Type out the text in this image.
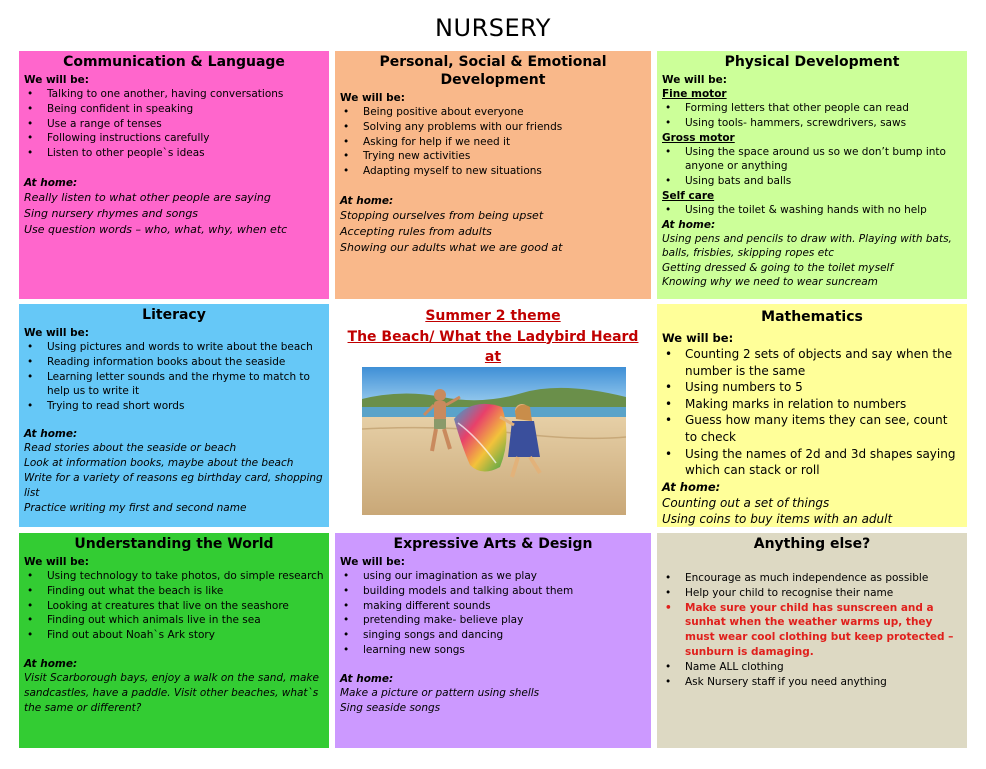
NURSERY
Communication & Language
We will be:
• Talking to one another, having conversations
• Being confident in speaking
• Use a range of tenses
• Following instructions carefully
• Listen to other people`s ideas
At home:

Really listen to what other people are saying

Sing nursery rhymes and songs

Use question words – who, what, why, when etc

Personal, Social & Emotional Development
We will be:
• Being positive about everyone
• Solving any problems with our friends
• Asking for help if we need it
• Trying new activities
• Adapting myself to new situations
At home:

Stopping ourselves from being upset

Accepting rules from adults

Showing our adults what we are good at

Physical Development
We will be:
Fine motor
• Forming letters that other people can read
• Using tools- hammers, screwdrivers, saws
Gross motor
• Using the space around us so we don’t bump into anyone or anything
• Using bats and balls
Self care
• Using the toilet & washing hands with no help
At home:

Using pens and pencils to draw with. Playing with bats, balls, frisbies, skipping ropes etc

Getting dressed & going to the toilet myself

Knowing why we need to wear suncream

Literacy
We will be:
• Using pictures and words to write about the beach
• Reading information books about the seaside
• Learning letter sounds and the rhyme to match to help us to write it
• Trying to read short words
At home:

Read stories about the seaside or beach

Look at information books, maybe about the beach

Write for a variety of reasons eg birthday card, shopping list

Practice writing my first and second name

Summer 2 theme
The Beach/ What the Ladybird Heard at
Mathematics
We will be:
• Counting 2 sets of objects and say when the number is the same
• Using numbers to 5
• Making marks in relation to numbers
• Guess how many items they can see, count to check
• Using the names of 2d and 3d shapes saying which can stack or roll
At home:

Counting out a set of things

Using coins to buy items with an adult

Understanding the World
We will be:
• Using technology to take photos, do simple research
• Finding out what the beach is like
• Looking at creatures that live on the seashore
• Finding out which animals live in the sea
• Find out about Noah`s Ark story
At home:

Visit Scarborough bays, enjoy a walk on the sand, make sandcastles, have a paddle. Visit other beaches, what`s the same or different?

Expressive Arts & Design
We will be:
• using our imagination as we play
• building models and talking about them
• making different sounds
• pretending make- believe play
• singing songs and dancing
• learning new songs
At home:

Make a picture or pattern using shells

Sing seaside songs

Anything else?
• Encourage as much independence as possible
• Help your child to recognise their name
• Make sure your child has sunscreen and a sunhat when the weather warms up, they must wear cool clothing but keep protected – sunburn is damaging.
• Name ALL clothing
• Ask Nursery staff if you need anything
